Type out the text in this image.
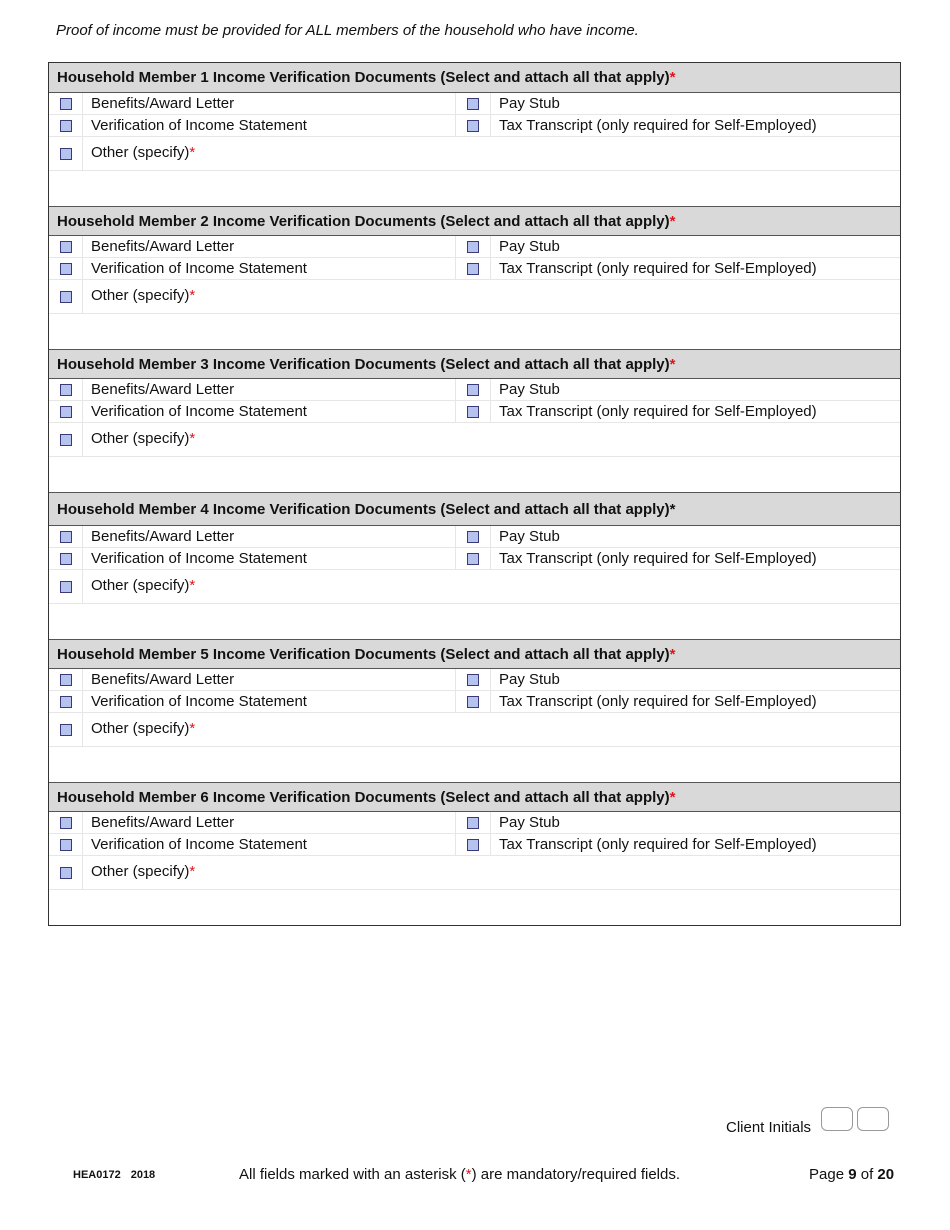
Proof of income must be provided for ALL members of the household who have income.
Household Member 1 Income Verification Documents (Select and attach all that apply)*
Benefits/Award Letter	Pay Stub
Verification of Income Statement	Tax Transcript (only required for Self-Employed)
Other (specify)*
Household Member 2 Income Verification Documents (Select and attach all that apply)*
Benefits/Award Letter	Pay Stub
Verification of Income Statement	Tax Transcript (only required for Self-Employed)
Other (specify)*
Household Member 3 Income Verification Documents (Select and attach all that apply)*
Benefits/Award Letter	Pay Stub
Verification of Income Statement	Tax Transcript (only required for Self-Employed)
Other (specify)*
Household Member 4 Income Verification Documents (Select and attach all that apply)*
Benefits/Award Letter	Pay Stub
Verification of Income Statement	Tax Transcript (only required for Self-Employed)
Other (specify)*
Household Member 5 Income Verification Documents (Select and attach all that apply)*
Benefits/Award Letter	Pay Stub
Verification of Income Statement	Tax Transcript (only required for Self-Employed)
Other (specify)*
Household Member 6 Income Verification Documents (Select and attach all that apply)*
Benefits/Award Letter	Pay Stub
Verification of Income Statement	Tax Transcript (only required for Self-Employed)
Other (specify)*
Client Initials
HEA0172 2018	All fields marked with an asterisk (*) are mandatory/required fields.	Page 9 of 20
